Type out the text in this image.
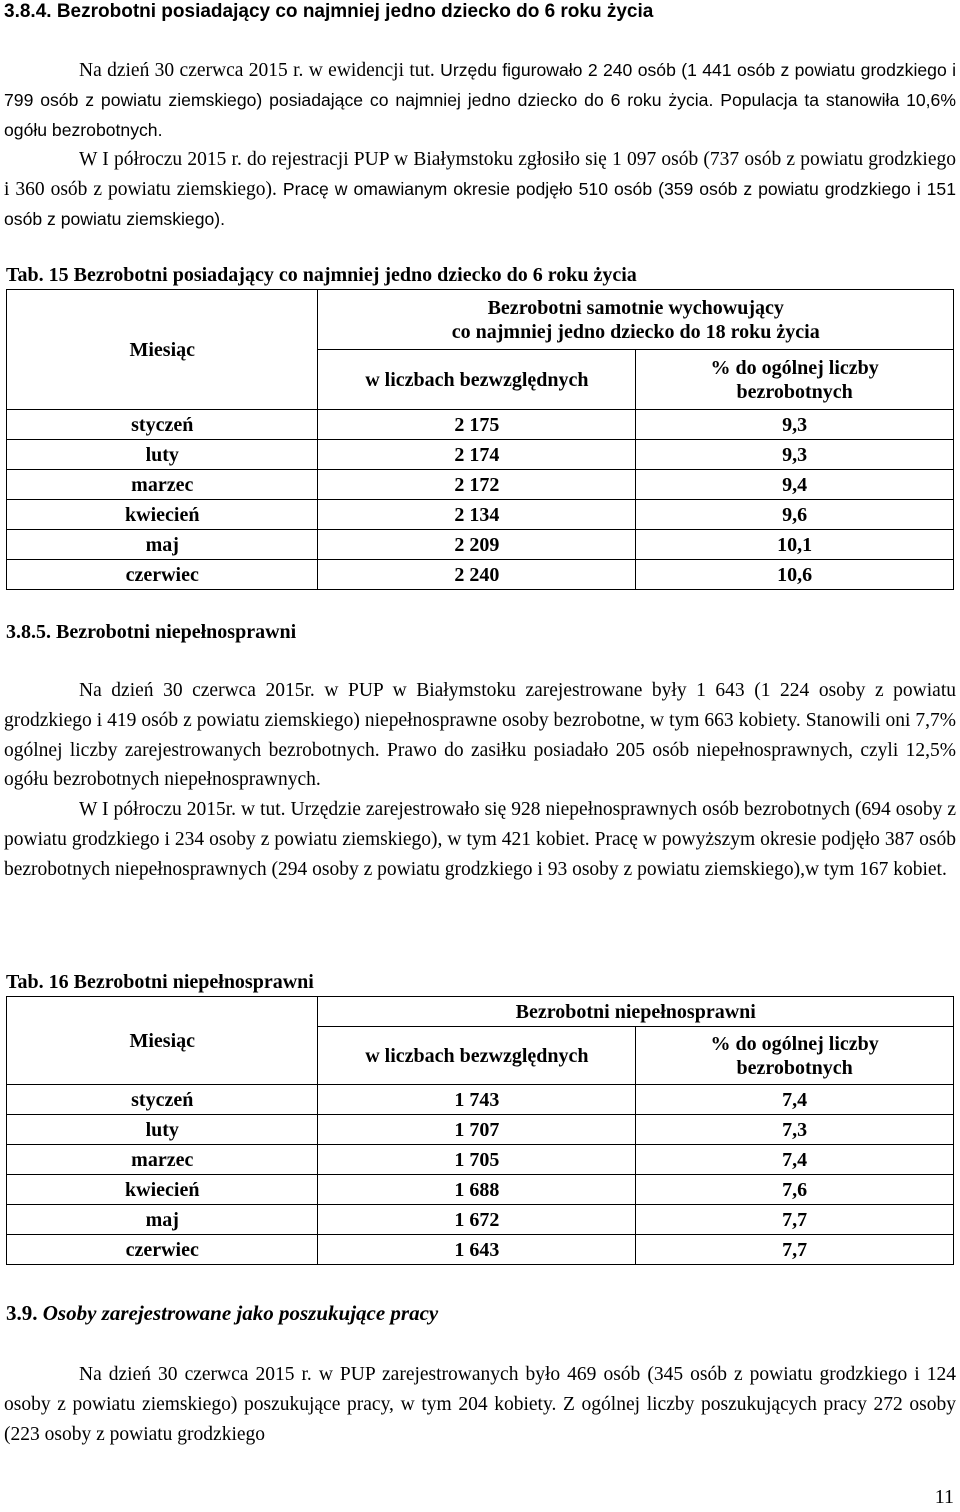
3.8.4. Bezrobotni posiadający co najmniej jedno dziecko do 6 roku życia

Na dzień 30 czerwca 2015 r. w ewidencji tut. Urzędu figurowało 2 240 osób (1 441 osób z powiatu grodzkiego i 799 osób z powiatu ziemskiego) posiadające co najmniej jedno dziecko do 6 roku życia. Populacja ta stanowiła 10,6% ogółu bezrobotnych.

W I półroczu 2015 r. do rejestracji PUP w Białymstoku zgłosiło się 1 097 osób (737 osób z powiatu grodzkiego i 360 osób z powiatu ziemskiego). Pracę w omawianym okresie podjęło 510 osób (359 osób z powiatu grodzkiego i 151 osób z powiatu ziemskiego).

Tab. 15 Bezrobotni posiadający co najmniej jedno dziecko do 6 roku życia
Miesiąc	Bezrobotni samotnie wychowujący
co najmniej jedno dziecko do 18 roku życia	

	w liczbach bezwzględnych	% do ogólnej liczby
bezrobotnych

styczeń	2 175	9,3
luty	2 174	9,3
marzec	2 172	9,4
kwiecień	2 134	9,6
maj	2 209	10,1
czerwiec	2 240	10,6
3.8.5. Bezrobotni niepełnosprawni

Na dzień 30 czerwca 2015r. w PUP w Białymstoku zarejestrowane były 1 643 (1 224 osoby z powiatu grodzkiego i 419 osób z powiatu ziemskiego) niepełnosprawne osoby bezrobotne, w tym 663 kobiety. Stanowili oni 7,7% ogólnej liczby zarejestrowanych bezrobotnych. Prawo do zasiłku posiadało 205 osób niepełnosprawnych, czyli 12,5% ogółu bezrobotnych niepełnosprawnych.

W I półroczu 2015r. w tut. Urzędzie zarejestrowało się 928 niepełnosprawnych osób bezrobotnych (694 osoby z powiatu grodzkiego i 234 osoby z powiatu ziemskiego), w tym 421 kobiet. Pracę w powyższym okresie podjęło 387 osób bezrobotnych niepełnosprawnych (294 osoby z powiatu grodzkiego i 93 osoby z powiatu ziemskiego),w tym 167 kobiet.

Tab. 16 Bezrobotni niepełnosprawni
Miesiąc	Bezrobotni niepełnosprawni	
	w liczbach bezwzględnych	% do ogólnej liczby
bezrobotnych

styczeń	1 743	7,4
luty	1 707	7,3
marzec	1 705	7,4
kwiecień	1 688	7,6
maj	1 672	7,7
czerwiec	1 643	7,7
3.9. Osoby zarejestrowane jako poszukujące pracy

Na dzień 30 czerwca 2015 r. w PUP zarejestrowanych było 469 osób (345 osób z powiatu grodzkiego i 124 osoby z powiatu ziemskiego) poszukujące pracy, w tym 204 kobiety. Z ogólnej liczby poszukujących pracy 272 osoby (223 osoby z powiatu grodzkiego

11
